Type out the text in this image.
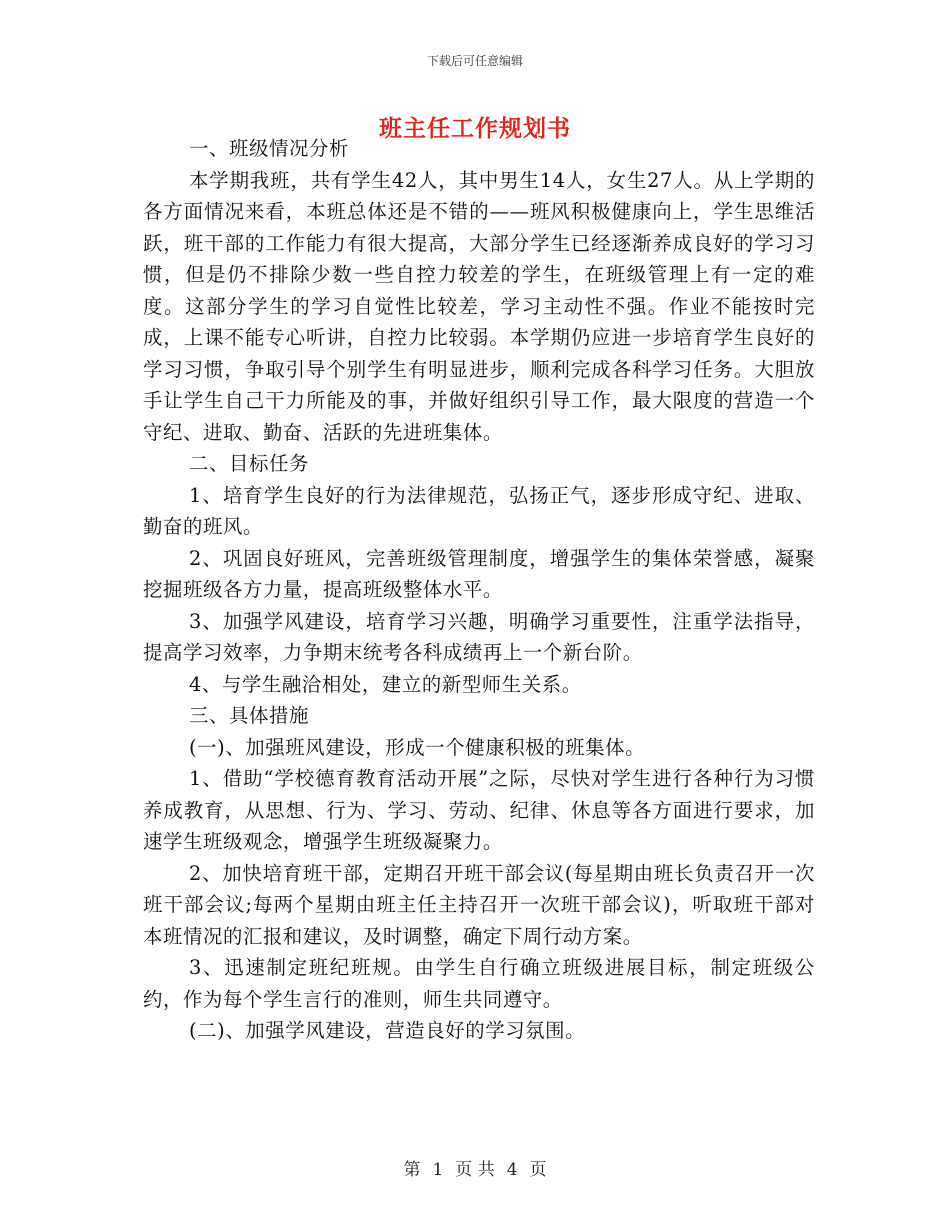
下载后可任意编辑
班主任工作规划书

一、班级情况分析

本学期我班，共有学生42人，其中男生14人，女生27人。从上学期的各方面情况来看，本班总体还是不错的——班风积极健康向上，学生思维活跃，班干部的工作能力有很大提高，大部分学生已经逐渐养成良好的学习习惯，但是仍不排除少数一些自控力较差的学生，在班级管理上有一定的难度。这部分学生的学习自觉性比较差，学习主动性不强。作业不能按时完成，上课不能专心听讲，自控力比较弱。本学期仍应进一步培育学生良好的学习习惯，争取引导个别学生有明显进步，顺利完成各科学习任务。大胆放手让学生自己干力所能及的事，并做好组织引导工作，最大限度的营造一个守纪、进取、勤奋、活跃的先进班集体。

二、目标任务

1、培育学生良好的行为法律规范，弘扬正气，逐步形成守纪、进取、勤奋的班风。

2、巩固良好班风，完善班级管理制度，增强学生的集体荣誉感，凝聚挖掘班级各方力量，提高班级整体水平。

3、加强学风建设，培育学习兴趣，明确学习重要性，注重学法指导，提高学习效率，力争期末统考各科成绩再上一个新台阶。

4、与学生融洽相处，建立的新型师生关系。

三、具体措施

(一)、加强班风建设，形成一个健康积极的班集体。

1、借助“学校德育教育活动开展”之际，尽快对学生进行各种行为习惯养成教育，从思想、行为、学习、劳动、纪律、休息等各方面进行要求，加速学生班级观念，增强学生班级凝聚力。

2、加快培育班干部，定期召开班干部会议(每星期由班长负责召开一次班干部会议;每两个星期由班主任主持召开一次班干部会议)，听取班干部对本班情况的汇报和建议，及时调整，确定下周行动方案。

3、迅速制定班纪班规。由学生自行确立班级进展目标，制定班级公约，作为每个学生言行的准则，师生共同遵守。

(二)、加强学风建设，营造良好的学习氛围。

第 1 页 共 4 页
